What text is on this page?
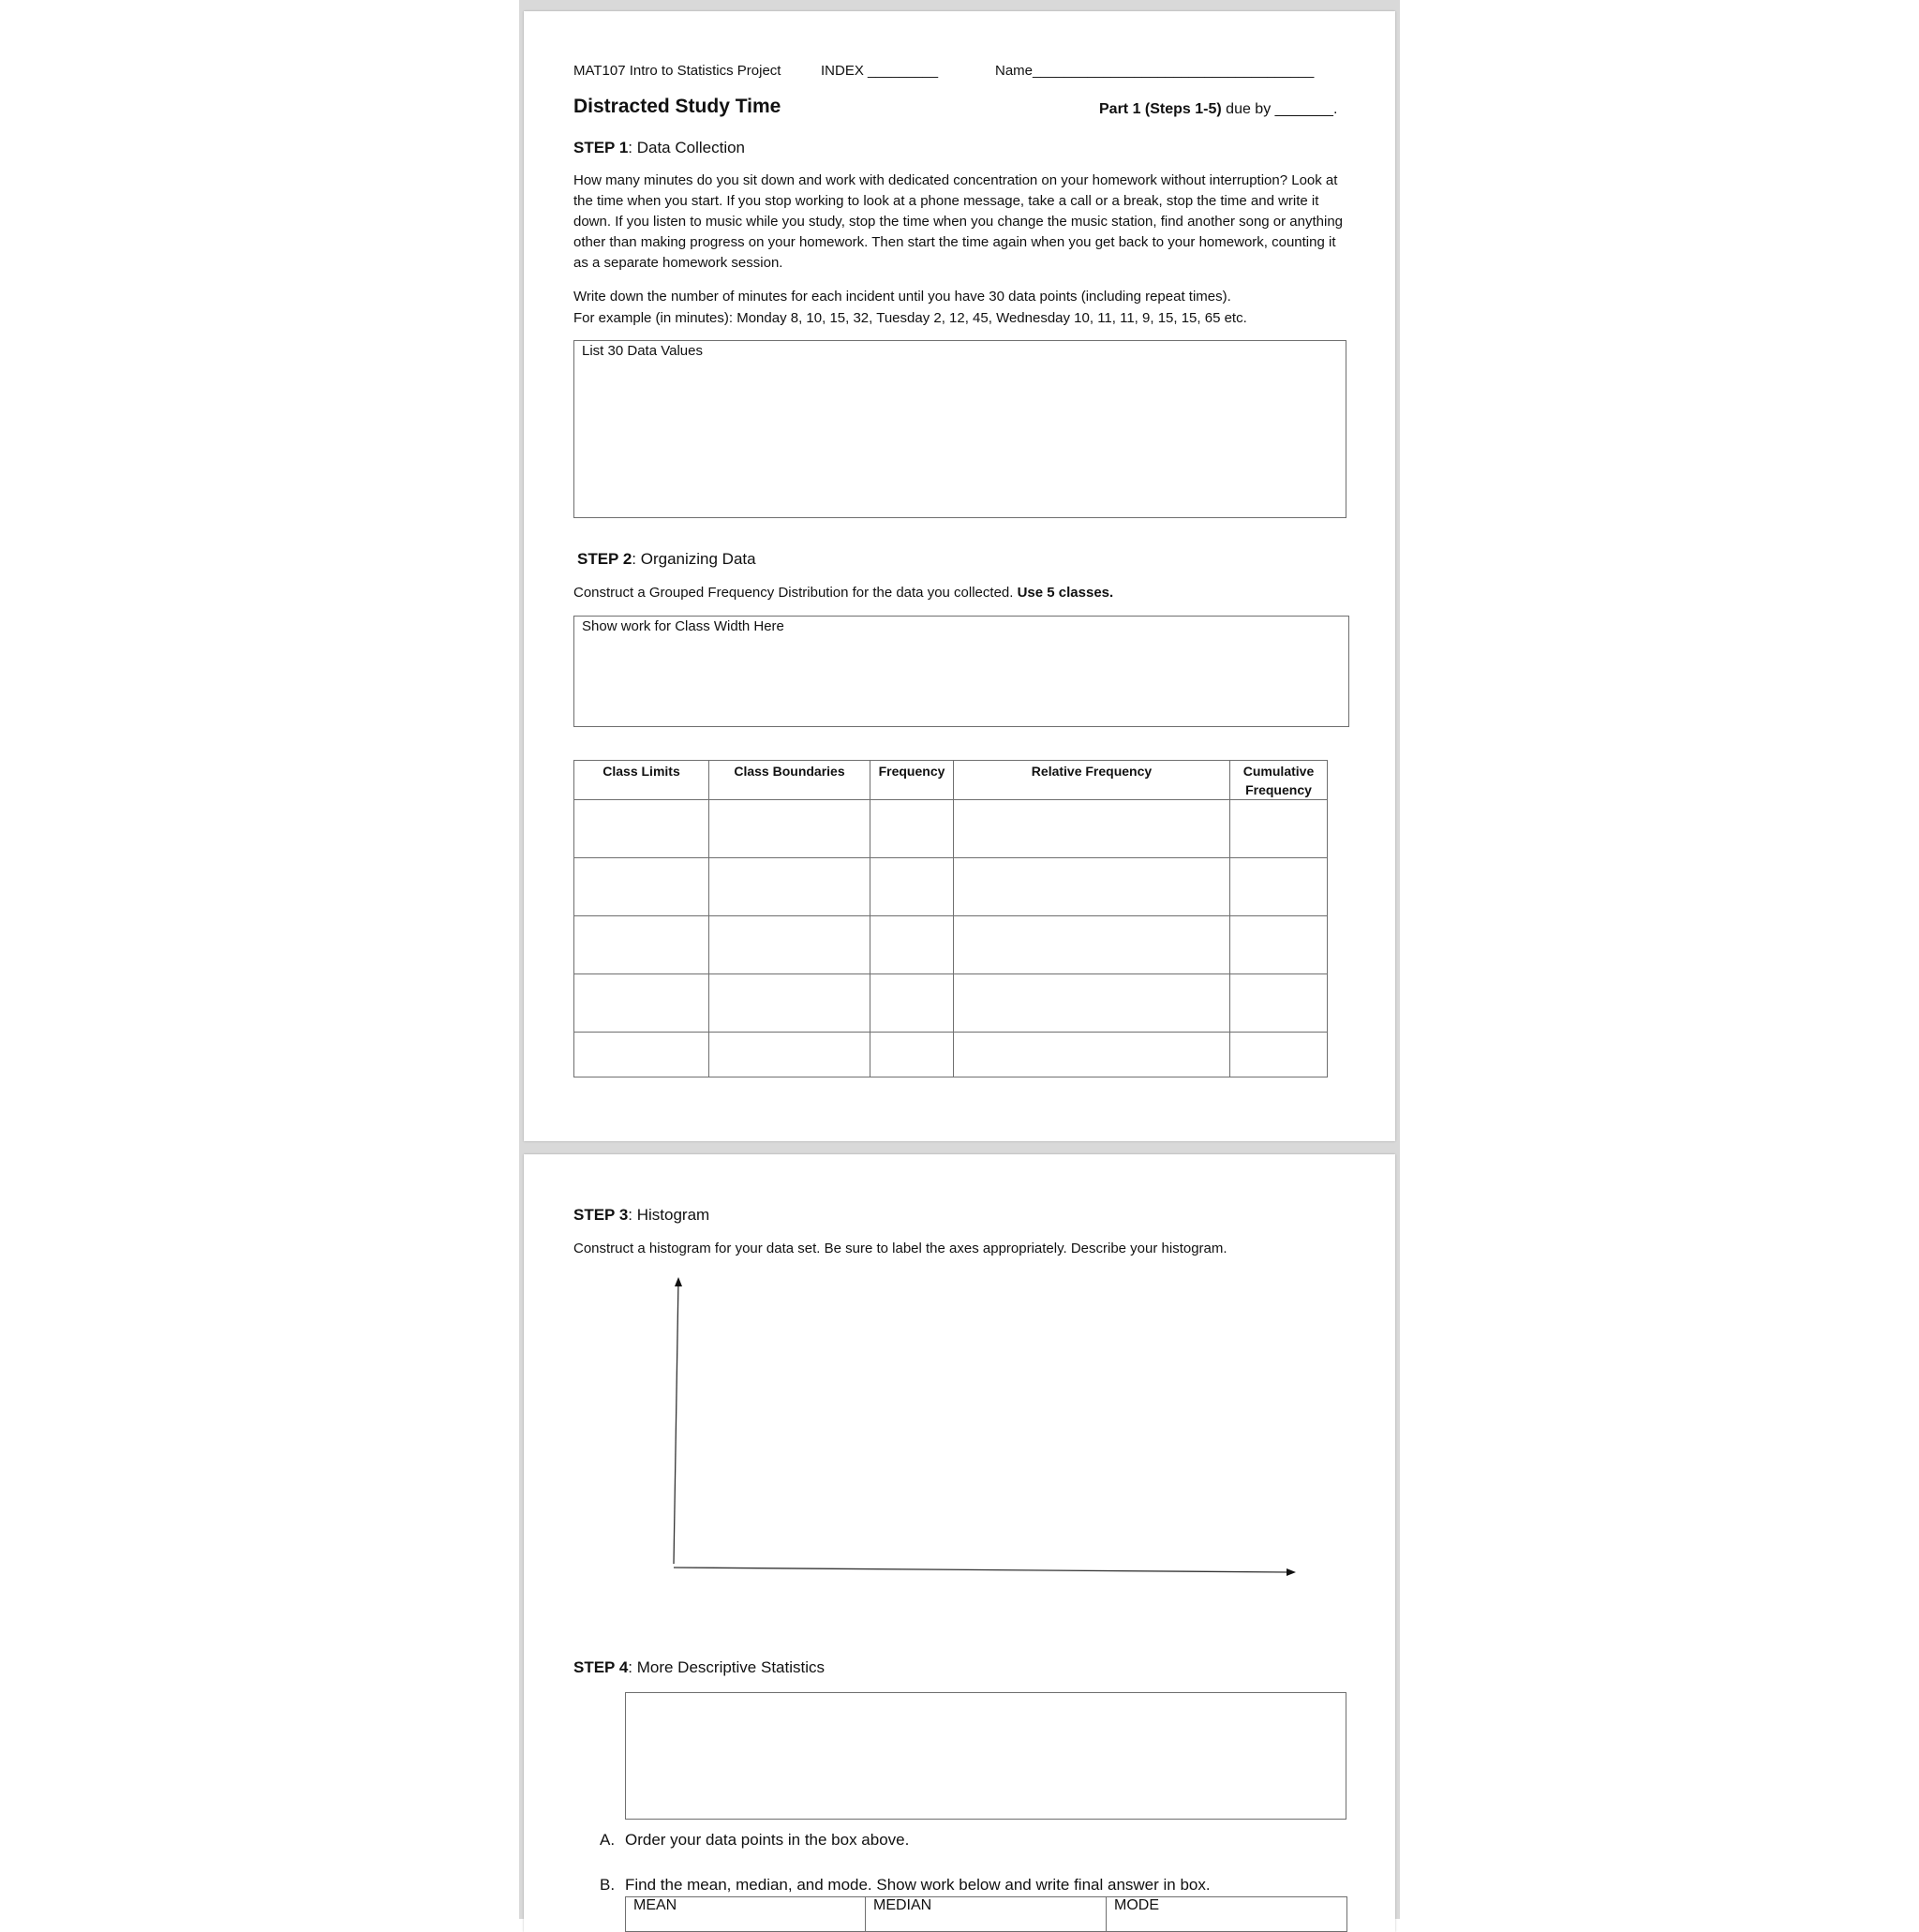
MAT107 Intro to Statistics Project	INDEX _________	Name____________________________________
Distracted Study Time	Part 1 (Steps 1-5) due by _______.
STEP 1: Data Collection
How many minutes do you sit down and work with dedicated concentration on your homework without interruption? Look at the time when you start. If you stop working to look at a phone message, take a call or a break, stop the time and write it down. If you listen to music while you study, stop the time when you change the music station, find another song or anything other than making progress on your homework. Then start the time again when you get back to your homework, counting it as a separate homework session.
Write down the number of minutes for each incident until you have 30 data points (including repeat times).
For example (in minutes): Monday 8, 10, 15, 32, Tuesday 2, 12, 45, Wednesday 10, 11, 11, 9, 15, 15, 65 etc.
List 30 Data Values
STEP 2: Organizing Data
Construct a Grouped Frequency Distribution for the data you collected. Use 5 classes.
Show work for Class Width Here
Class Limits	Class Boundaries	Frequency	Relative Frequency	Cumulative Frequency

STEP 3: Histogram
Construct a histogram for your data set. Be sure to label the axes appropriately. Describe your histogram.
STEP 4: More Descriptive Statistics
A. Order your data points in the box above.
B. Find the mean, median, and mode. Show work below and write final answer in box.
MEAN	MEDIAN	MODE
